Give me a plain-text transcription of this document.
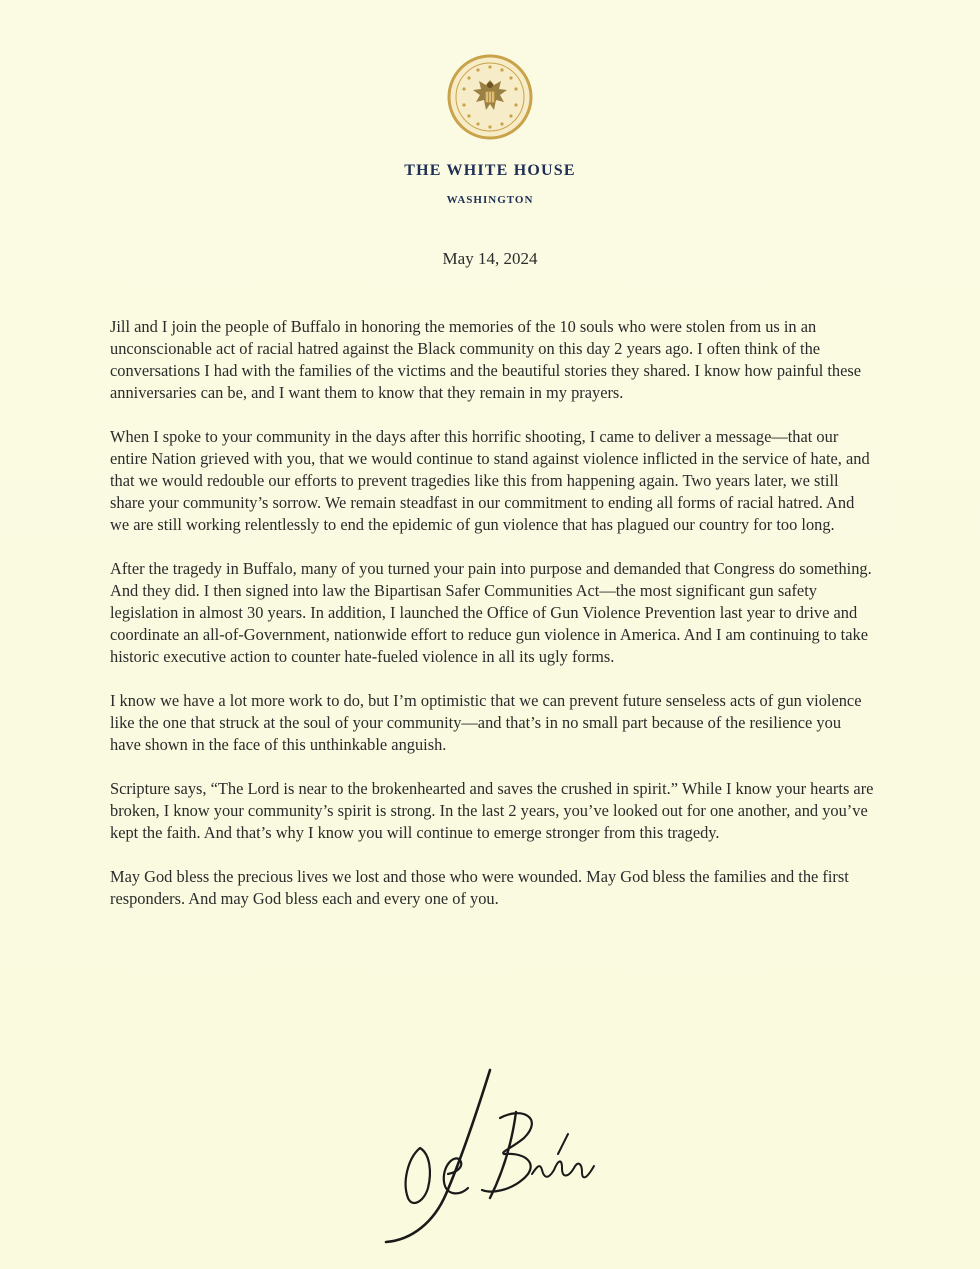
THE WHITE HOUSE
WASHINGTON
May 14, 2024

Jill and I join the people of Buffalo in honoring the memories of the 10 souls who were stolen from us in an unconscionable act of racial hatred against the Black community on this day 2 years ago. I often think of the conversations I had with the families of the victims and the beautiful stories they shared. I know how painful these anniversaries can be, and I want them to know that they remain in my prayers.

When I spoke to your community in the days after this horrific shooting, I came to deliver a message—that our entire Nation grieved with you, that we would continue to stand against violence inflicted in the service of hate, and that we would redouble our efforts to prevent tragedies like this from happening again. Two years later, we still share your community’s sorrow. We remain steadfast in our commitment to ending all forms of racial hatred. And we are still working relentlessly to end the epidemic of gun violence that has plagued our country for too long.

After the tragedy in Buffalo, many of you turned your pain into purpose and demanded that Congress do something. And they did. I then signed into law the Bipartisan Safer Communities Act—the most significant gun safety legislation in almost 30 years. In addition, I launched the Office of Gun Violence Prevention last year to drive and coordinate an all-of-Government, nationwide effort to reduce gun violence in America. And I am continuing to take historic executive action to counter hate-fueled violence in all its ugly forms.

I know we have a lot more work to do, but I’m optimistic that we can prevent future senseless acts of gun violence like the one that struck at the soul of your community—and that’s in no small part because of the resilience you have shown in the face of this unthinkable anguish.

Scripture says, “The Lord is near to the brokenhearted and saves the crushed in spirit.” While I know your hearts are broken, I know your community’s spirit is strong. In the last 2 years, you’ve looked out for one another, and you’ve kept the faith. And that’s why I know you will continue to emerge stronger from this tragedy.

May God bless the precious lives we lost and those who were wounded. May God bless the families and the first responders. And may God bless each and every one of you.
